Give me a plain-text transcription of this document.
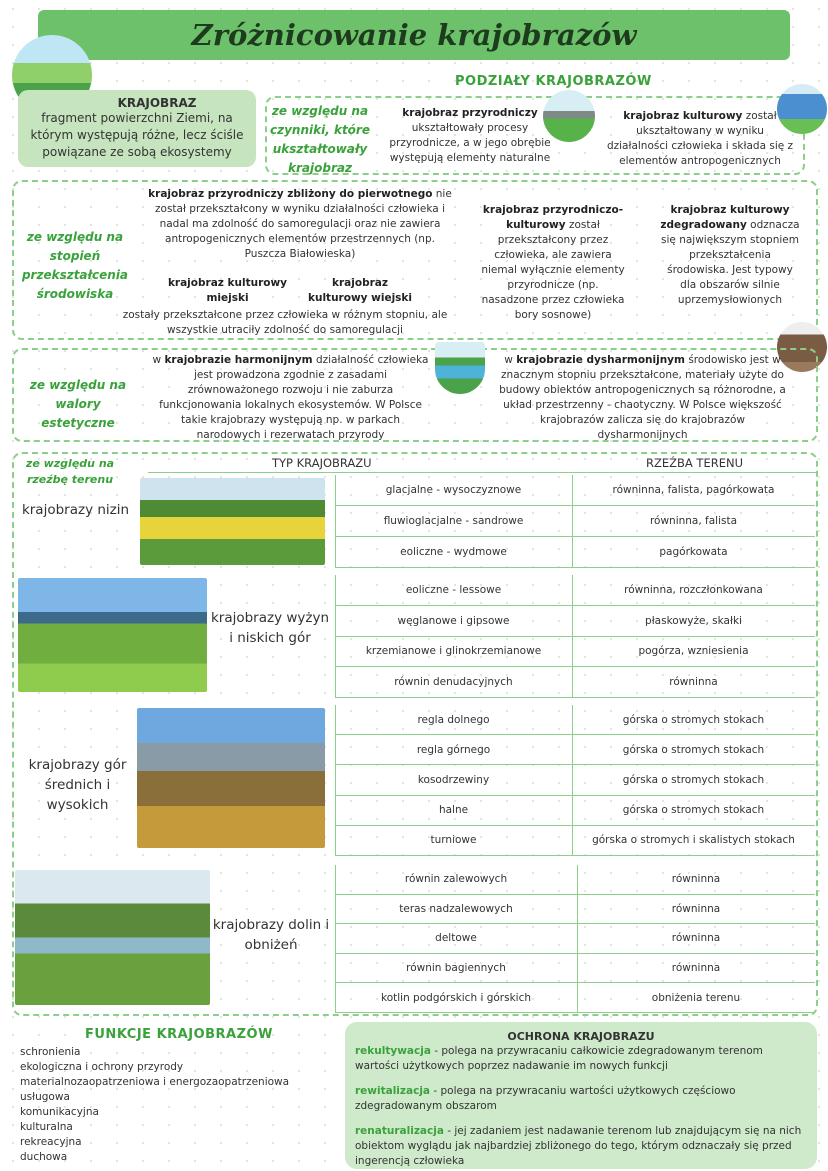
Zróżnicowanie krajobrazów
KRAJOBRAZ
fragment powierzchni Ziemi, na którym występują różne, lecz ściśle powiązane ze sobą ekosystemy
PODZIAŁY KRAJOBRAZÓW
ze względu na czynniki, które ukształtowały krajobraz
krajobraz przyrodniczy ukształtowały procesy przyrodnicze, a w jego obrębie występują elementy naturalne
krajobraz kulturowy został ukształtowany w wyniku działalności człowieka i składa się z elementów antropogenicznych
ze względu na stopień przekształcenia środowiska
krajobraz przyrodniczy zbliżony do pierwotnego nie został przekształcony w wyniku działalności człowieka i nadal ma zdolność do samoregulacji oraz nie zawiera antropogenicznych elementów przestrzennych (np. Puszcza Białowieska)
krajobraz kulturowy miejski
krajobraz kulturowy wiejski
zostały przekształcone przez człowieka w różnym stopniu, ale wszystkie utraciły zdolność do samoregulacji
krajobraz przyrodniczo-kulturowy został przekształcony przez człowieka, ale zawiera niemal wyłącznie elementy przyrodnicze (np. nasadzone przez człowieka bory sosnowe)
krajobraz kulturowy zdegradowany odznacza się największym stopniem przekształcenia środowiska. Jest typowy dla obszarów silnie uprzemysłowionych
ze względu na walory estetyczne
w krajobrazie harmonijnym działalność człowieka jest prowadzona zgodnie z zasadami zrównoważonego rozwoju i nie zaburza funkcjonowania lokalnych ekosystemów. W Polsce takie krajobrazy występują np. w parkach narodowych i rezerwatach przyrody
w krajobrazie dysharmonijnym środowisko jest w znacznym stopniu przekształcone, materiały użyte do budowy obiektów antropogenicznych są różnorodne, a układ przestrzenny - chaotyczny. W Polsce większość krajobrazów zalicza się do krajobrazów dysharmonijnych
ze względu na rzeźbę terenu
TYP KRAJOBRAZU	RZEŹBA TERENU
krajobrazy nizin
glacjalne - wysoczyznowe	równinna, falista, pagórkowata
fluwioglacjalne - sandrowe	równinna, falista
eoliczne - wydmowe	pagórkowata
krajobrazy wyżyn i niskich gór
eoliczne - lessowe	równinna, rozczłonkowana
węglanowe i gipsowe	płaskowyże, skałki
krzemianowe i glinokrzemianowe	pogórza, wzniesienia
równin denudacyjnych	równinna
krajobrazy gór średnich i wysokich
regla dolnego	górska o stromych stokach
regla górnego	górska o stromych stokach
kosodrzewiny	górska o stromych stokach
halne	górska o stromych stokach
turniowe	górska o stromych i skalistych stokach
krajobrazy dolin i obniżeń
równin zalewowych	równinna
teras nadzalewowych	równinna
deltowe	równinna
równin bagiennych	równinna
kotlin podgórskich i górskich	obniżenia terenu
FUNKCJE KRAJOBRAZÓW
schronienia
ekologiczna i ochrony przyrody
materialnozaopatrzeniowa i energozaopatrzeniowa
usługowa
komunikacyjna
kulturalna
rekreacyjna
duchowa
OCHRONA KRAJOBRAZU
rekultywacja - polega na przywracaniu całkowicie zdegradowanym terenom wartości użytkowych poprzez nadawanie im nowych funkcji
rewitalizacja - polega na przywracaniu wartości użytkowych częściowo zdegradowanym obszarom
renaturalizacja - jej zadaniem jest nadawanie terenom lub znajdującym się na nich obiektom wyglądu jak najbardziej zbliżonego do tego, którym odznaczały się przed ingerencją człowieka
